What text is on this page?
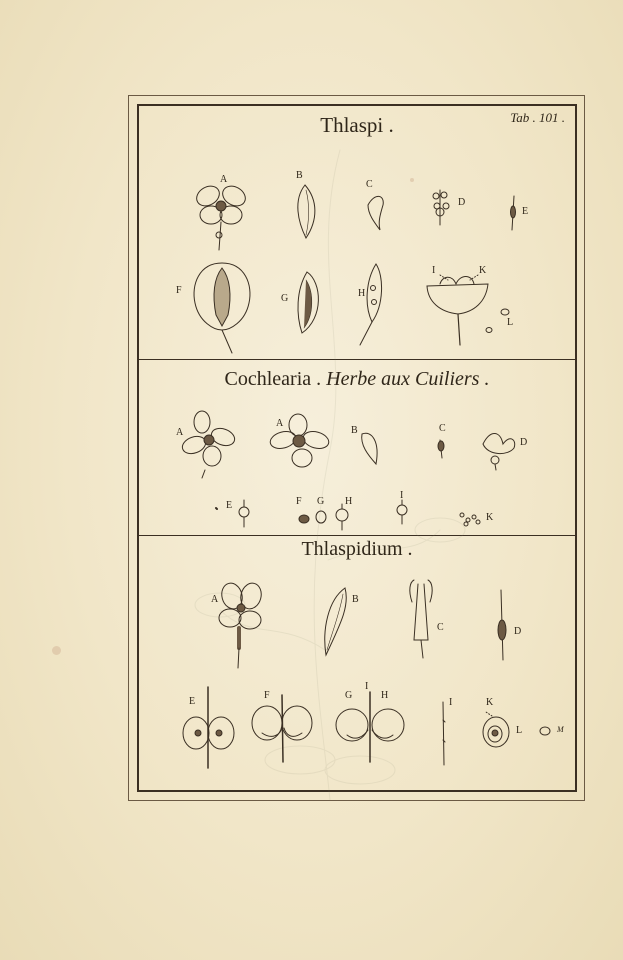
Tab . 101 .
Thlaspi .
Cochlearia . Herbe aux Cuiliers .
Thlaspidium .
A	B
C
D
E
F
G	H
I	K
L
A
A
B	C
D
E	F G H
I
K
A	B
C	D
E
F	G
I
H
I	K
L	M
